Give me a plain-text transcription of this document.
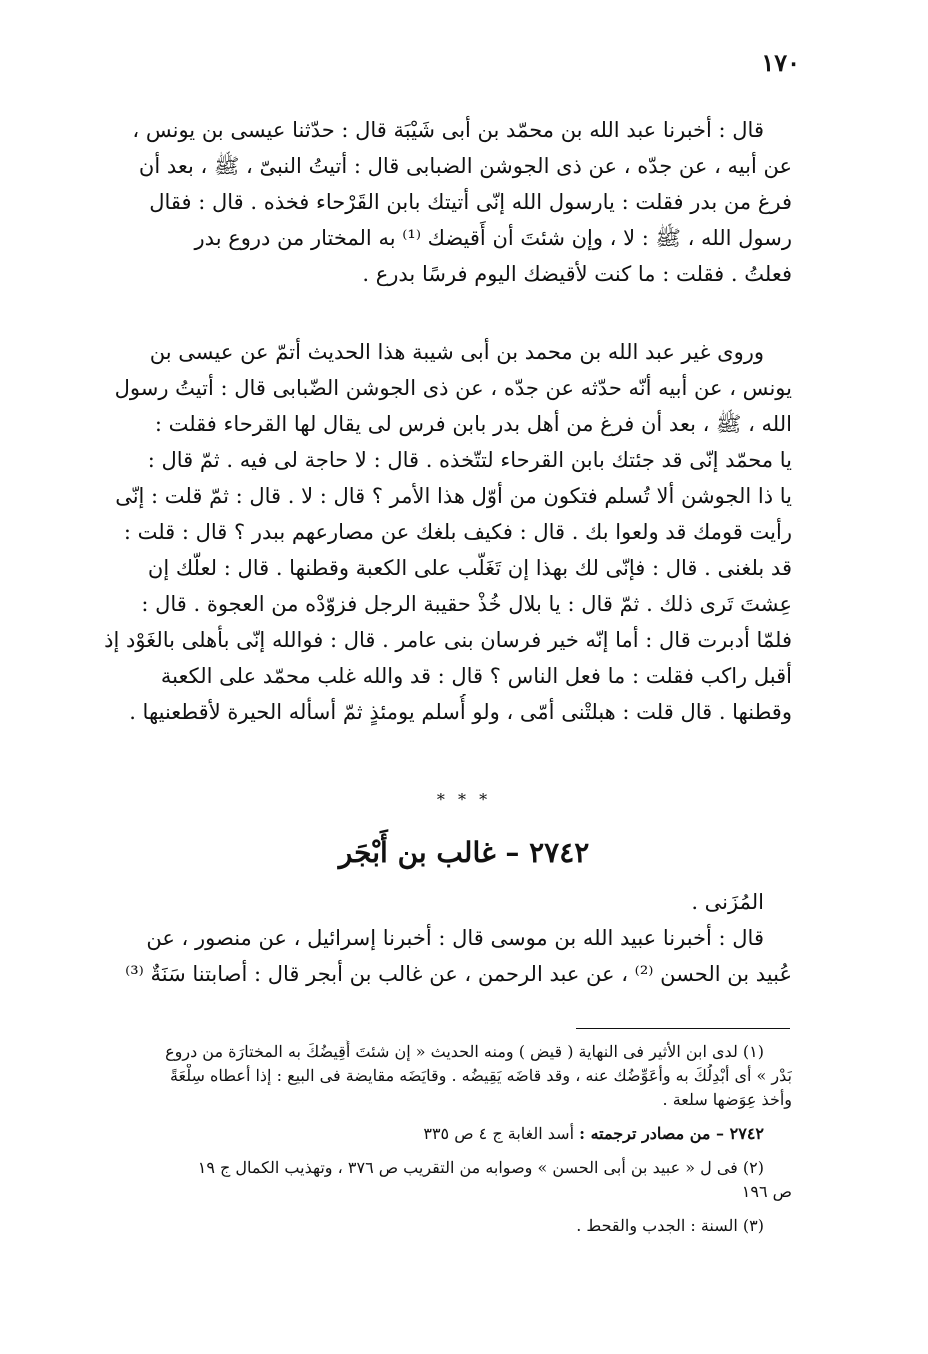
١٧٠
قال : أخبرنا عبد الله بن محمّد بن أبى شَيْبَة قال : حدّثنا عيسى بن يونس ،
عن أبيه ، عن جدّه ، عن ذى الجوشن الضبابى قال : أتيتُ النبىّ ، ﷺ ، بعد أن
فرغ من بدر فقلت : يارسول الله إنّى أتيتك بابن القَرْحاء فخذه . قال : فقال
رسول الله ، ﷺ : لا ، وإن شئتَ أن أَقيضك ⁽¹⁾ به المختار من دروع بدر
فعلتُ . فقلت : ما كنت لأقيضك اليوم فرسًا بدرع .
وروى غير عبد الله بن محمد بن أبى شيبة هذا الحديث أتمّ عن عيسى بن
يونس ، عن أبيه أنّه حدّثه عن جدّه ، عن ذى الجوشن الضّبابى قال : أتيتُ رسول
الله ، ﷺ ، بعد أن فرغ من أهل بدر بابن فرس لى يقال لها القرحاء فقلت :
يا محمّد إنّى قد جئتك بابن القرحاء لتتّخذه . قال : لا حاجة لى فيه . ثمّ قال :
يا ذا الجوشن ألا تُسلم فتكون من أوّل هذا الأمر ؟ قال : لا . قال : ثمّ قلت : إنّى
رأيت قومك قد ولعوا بك . قال : فكيف بلغك عن مصارعهم ببدر ؟ قال : قلت :
قد بلغنى . قال : فإنّى لك بهذا إن تَغَلّب على الكعبة وقطنها . قال : لعلّك إن
عِشتَ تَرى ذلك . ثمّ قال : يا بلال خُذْ حقيبة الرجل فزوّدْه من العجوة . قال :
فلمّا أدبرت قال : أما إنّه خير فرسان بنى عامر . قال : فوالله إنّى بأهلى بالغَوْد إذ
أقبل راكب فقلت : ما فعل الناس ؟ قال : قد والله غلب محمّد على الكعبة
وقطنها . قال قلت : هبلتْنى أمّى ، ولو أُسلم يومئذٍ ثمّ أسأله الحيرة لأقطعنيها .
* * *
٢٧٤٢ – غالب بن أَبْجَر
المُزَنى .
قال : أخبرنا عبيد الله بن موسى قال : أخبرنا إسرائيل ، عن منصور ، عن
عُبيد بن الحسن ⁽²⁾ ، عن عبد الرحمن ، عن غالب بن أبجر قال : أصابتنا سَنَةٌ ⁽³⁾
(١) لدى ابن الأثير فى النهاية ( قيض ) ومنه الحديث « إن شئتَ أَقِيضُكَ به المختارَة من دروع
بَدْر » أى أبْدِلُكَ به وأعَوِّضُك عنه ، وقد قاضَه يَقِيضُه . وقايَضَه مقايضة فى البيع : إذا أعطاه سِلْعَةً
وأخذ عِوَضها سلعة .
٢٧٤٢ – من مصادر ترجمته : أسد الغابة ج ٤ ص ٣٣٥
(٢) فى ل « عبيد بن أبى الحسن » وصوابه من التقريب ص ٣٧٦ ، وتهذيب الكمال ج ١٩
ص ١٩٦
(٣) السنة : الجدب والقحط .
